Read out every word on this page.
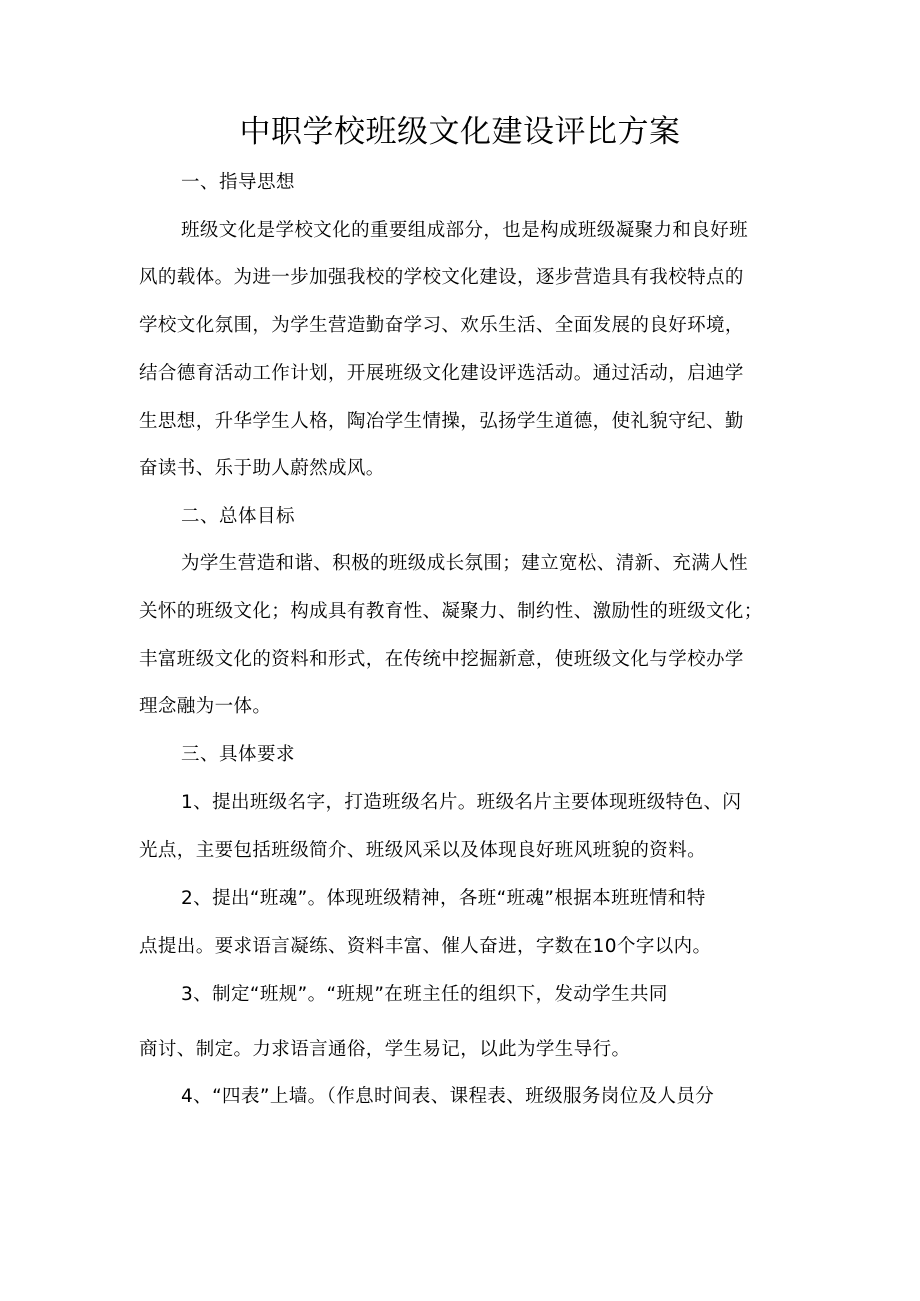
中职学校班级文化建设评比方案
一、指导思想
班级文化是学校文化的重要组成部分，也是构成班级凝聚力和良好班
风的载体。为进一步加强我校的学校文化建设，逐步营造具有我校特点的
学校文化氛围，为学生营造勤奋学习、欢乐生活、全面发展的良好环境，
结合德育活动工作计划，开展班级文化建设评选活动。通过活动，启迪学
生思想，升华学生人格，陶冶学生情操，弘扬学生道德，使礼貌守纪、勤
奋读书、乐于助人蔚然成风。
二、总体目标
为学生营造和谐、积极的班级成长氛围；建立宽松、清新、充满人性
关怀的班级文化；构成具有教育性、凝聚力、制约性、激励性的班级文化；
丰富班级文化的资料和形式，在传统中挖掘新意，使班级文化与学校办学
理念融为一体。
三、具体要求
1、提出班级名字，打造班级名片。班级名片主要体现班级特色、闪
光点，主要包括班级简介、班级风采以及体现良好班风班貌的资料。
2、提出“班魂”。体现班级精神，各班“班魂”根据本班班情和特
点提出。要求语言凝练、资料丰富、催人奋进，字数在10个字以内。
3、制定“班规”。“班规”在班主任的组织下，发动学生共同
商讨、制定。力求语言通俗，学生易记，以此为学生导行。
4、“四表”上墙。（作息时间表、课程表、班级服务岗位及人员分
